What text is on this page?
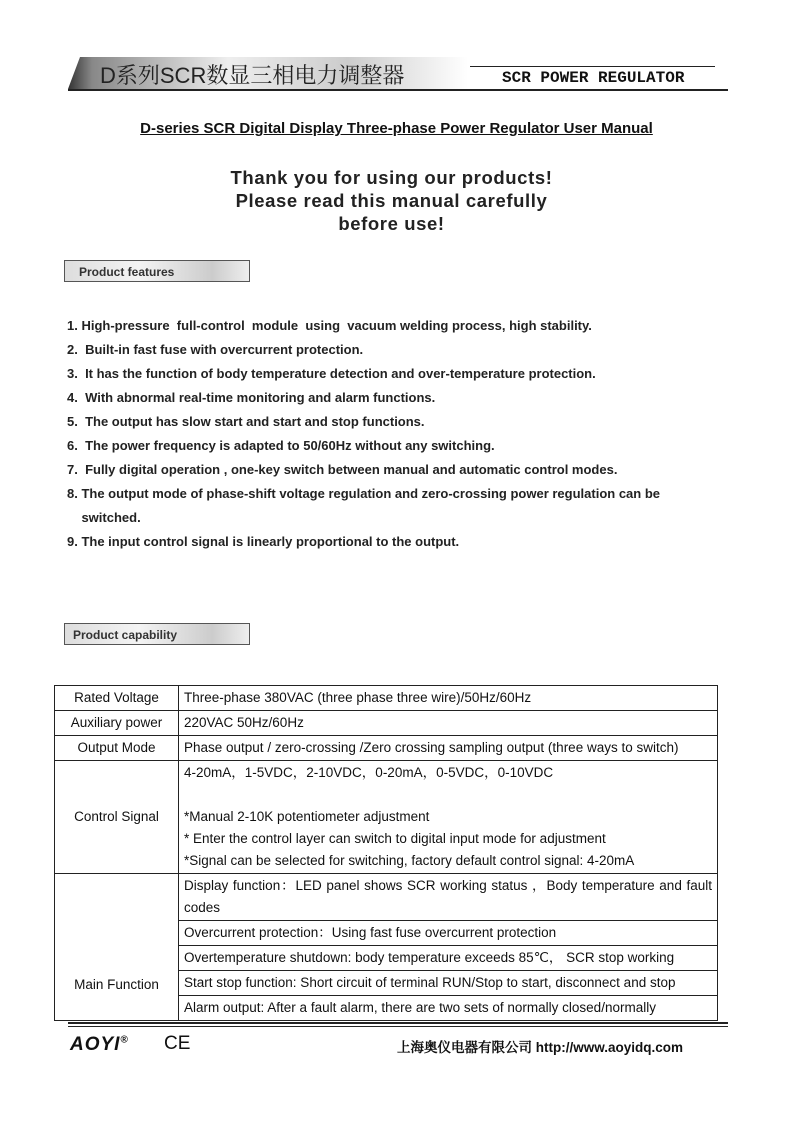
D系列SCR数显三相电力调整器	SCR POWER REGULATOR
D-series SCR Digital Display Three-phase Power Regulator User Manual
Thank you for using our products!
Please read this manual carefully
before use!
Product features
1. High-pressure  full-control  module  using  vacuum welding process, high stability.
2.  Built-in fast fuse with overcurrent protection.
3.  It has the function of body temperature detection and over-temperature protection.
4.  With abnormal real-time monitoring and alarm functions.
5.  The output has slow start and start and stop functions.
6.  The power frequency is adapted to 50/60Hz without any switching.
7.  Fully digital operation , one-key switch between manual and automatic control modes.
8. The output mode of phase-shift voltage regulation and zero-crossing power regulation can be
switched.
9. The input control signal is linearly proportional to the output.
Product capability
Rated Voltage	Three-phase 380VAC (three phase three wire)/50Hz/60Hz
Auxiliary power	220VAC 50Hz/60Hz
Output Mode	Phase output / zero-crossing /Zero crossing sampling output (three ways to switch)
Control Signal	4-20mA，1-5VDC，2-10VDC，0-20mA，0-5VDC，0-10VDC
*Manual 2-10K potentiometer adjustment
* Enter the control layer can switch to digital input mode for adjustment
*Signal can be selected for switching, factory default control signal: 4-20mA

Main Function	Display function：LED panel shows SCR working status ，Body temperature and fault codes
	Overcurrent protection：Using fast fuse overcurrent protection
	Overtemperature shutdown: body temperature exceeds 85℃， SCR stop working
	Start stop function: Short circuit of terminal RUN/Stop to start, disconnect and stop
	Alarm output: After a fault alarm, there are two sets of normally closed/normally
AOYI® CE	上海奥仪电器有限公司 http://www.aoyidq.com
